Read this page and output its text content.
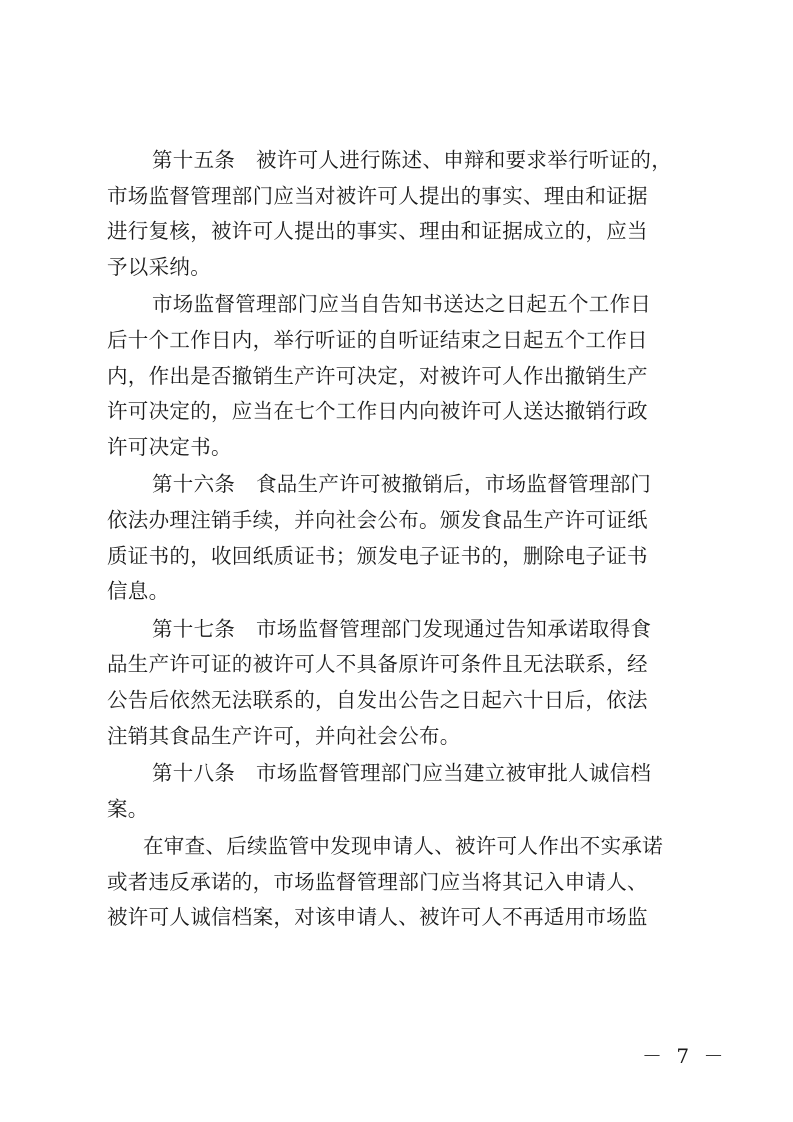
第十五条　被许可人进行陈述、申辩和要求举行听证的，
市场监督管理部门应当对被许可人提出的事实、理由和证据
进行复核，被许可人提出的事实、理由和证据成立的，应当
予以采纳。
市场监督管理部门应当自告知书送达之日起五个工作日
后十个工作日内，举行听证的自听证结束之日起五个工作日
内，作出是否撤销生产许可决定，对被许可人作出撤销生产
许可决定的，应当在七个工作日内向被许可人送达撤销行政
许可决定书。
第十六条　食品生产许可被撤销后，市场监督管理部门
依法办理注销手续，并向社会公布。颁发食品生产许可证纸
质证书的，收回纸质证书；颁发电子证书的，删除电子证书
信息。
第十七条　市场监督管理部门发现通过告知承诺取得食
品生产许可证的被许可人不具备原许可条件且无法联系，经
公告后依然无法联系的，自发出公告之日起六十日后，依法
注销其食品生产许可，并向社会公布。
第十八条　市场监督管理部门应当建立被审批人诚信档
案。
在审查、后续监管中发现申请人、被许可人作出不实承诺
或者违反承诺的，市场监督管理部门应当将其记入申请人、
被许可人诚信档案，对该申请人、被许可人不再适用市场监
－ 7 －
